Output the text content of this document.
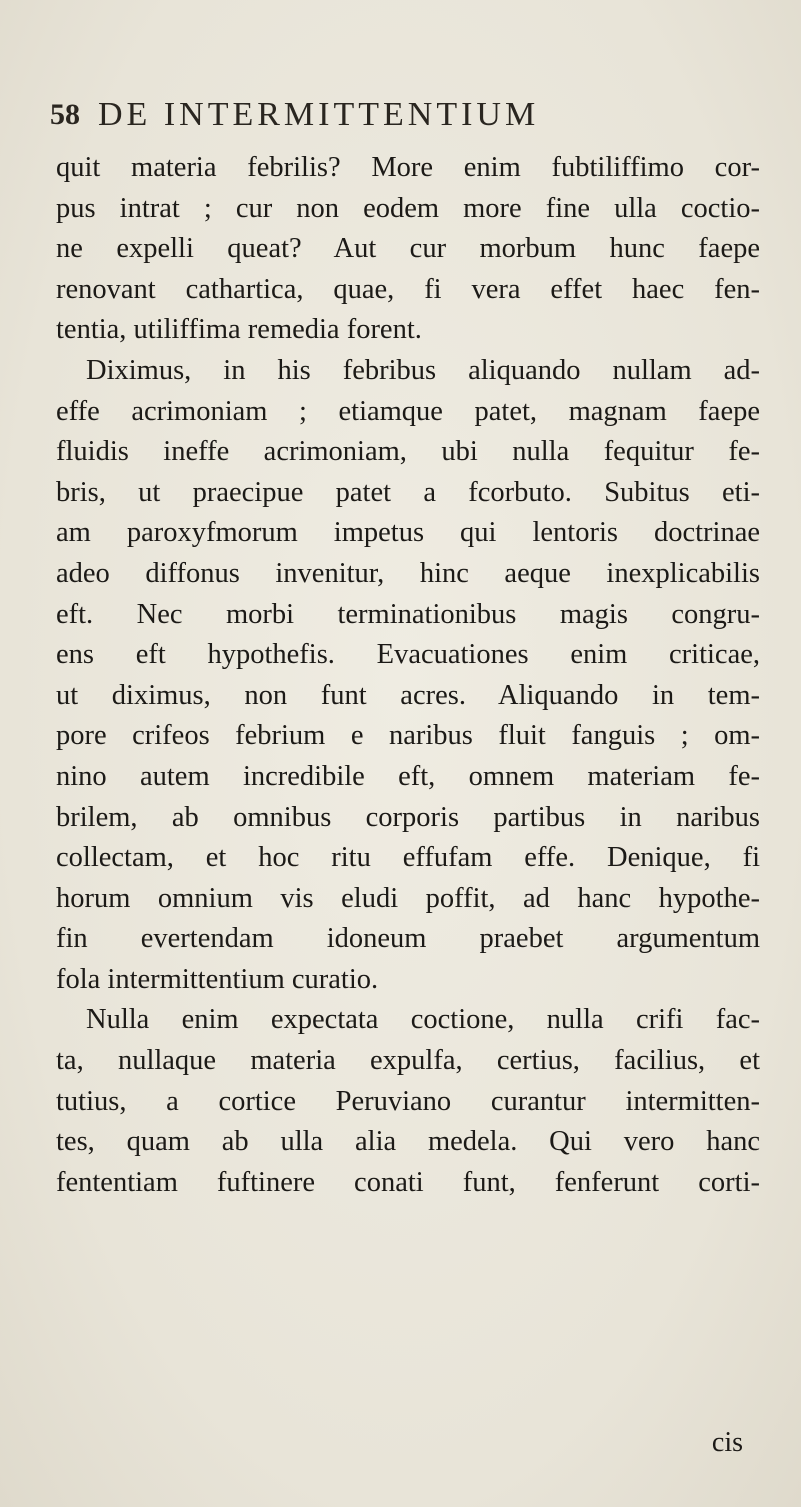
58 DE INTERMITTENTIUM
quit materia febrilis? More enim fubtiliffimo cor-
pus intrat ; cur non eodem more fine ulla coctio-
ne expelli queat? Aut cur morbum hunc faepe
renovant cathartica, quae, fi vera effet haec fen-
tentia, utiliffima remedia forent.
Diximus, in his febribus aliquando nullam ad-
effe acrimoniam ; etiamque patet, magnam faepe
fluidis ineffe acrimoniam, ubi nulla fequitur fe-
bris, ut praecipue patet a fcorbuto. Subitus eti-
am paroxyfmorum impetus qui lentoris doctrinae
adeo diffonus invenitur, hinc aeque inexplicabilis
eft. Nec morbi terminationibus magis congru-
ens eft hypothefis. Evacuationes enim criticae,
ut diximus, non funt acres. Aliquando in tem-
pore crifeos febrium e naribus fluit fanguis ; om-
nino autem incredibile eft, omnem materiam fe-
brilem, ab omnibus corporis partibus in naribus
collectam, et hoc ritu effufam effe. Denique, fi
horum omnium vis eludi poffit, ad hanc hypothe-
fin evertendam idoneum praebet argumentum
fola intermittentium curatio.
Nulla enim expectata coctione, nulla crifi fac-
ta, nullaque materia expulfa, certius, facilius, et
tutius, a cortice Peruviano curantur intermitten-
tes, quam ab ulla alia medela. Qui vero hanc
fententiam fuftinere conati funt, fenferunt corti-
cis
